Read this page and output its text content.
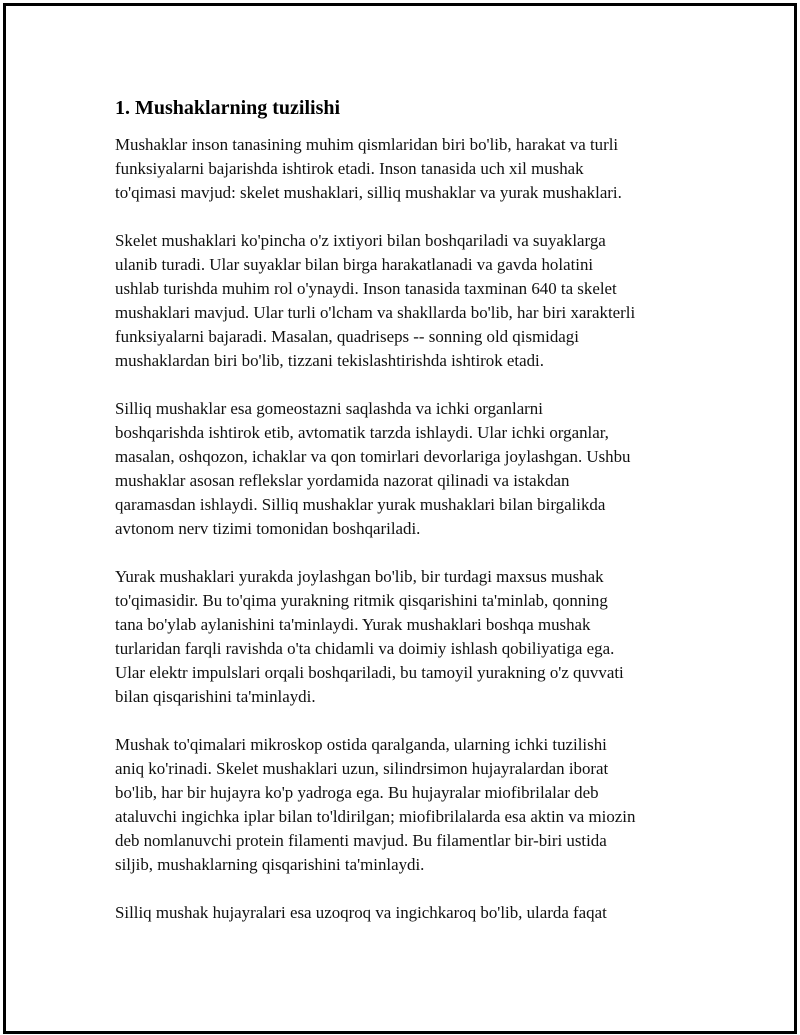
1. Mushaklarning tuzilishi

Mushaklar inson tanasining muhim qismlaridan biri bo'lib, harakat va turli
funksiyalarni bajarishda ishtirok etadi. Inson tanasida uch xil mushak
to'qimasi mavjud: skelet mushaklari, silliq mushaklar va yurak mushaklari.

Skelet mushaklari ko'pincha o'z ixtiyori bilan boshqariladi va suyaklarga
ulanib turadi. Ular suyaklar bilan birga harakatlanadi va gavda holatini
ushlab turishda muhim rol o'ynaydi. Inson tanasida taxminan 640 ta skelet
mushaklari mavjud. Ular turli o'lcham va shakllarda bo'lib, har biri xarakterli
funksiyalarni bajaradi. Masalan, quadriseps -- sonning old qismidagi
mushaklardan biri bo'lib, tizzani tekislashtirishda ishtirok etadi.

Silliq mushaklar esa gomeostazni saqlashda va ichki organlarni
boshqarishda ishtirok etib, avtomatik tarzda ishlaydi. Ular ichki organlar,
masalan, oshqozon, ichaklar va qon tomirlari devorlariga joylashgan. Ushbu
mushaklar asosan reflekslar yordamida nazorat qilinadi va istakdan
qaramasdan ishlaydi. Silliq mushaklar yurak mushaklari bilan birgalikda
avtonom nerv tizimi tomonidan boshqariladi.

Yurak mushaklari yurakda joylashgan bo'lib, bir turdagi maxsus mushak
to'qimasidir. Bu to'qima yurakning ritmik qisqarishini ta'minlab, qonning
tana bo'ylab aylanishini ta'minlaydi. Yurak mushaklari boshqa mushak
turlaridan farqli ravishda o'ta chidamli va doimiy ishlash qobiliyatiga ega.
Ular elektr impulslari orqali boshqariladi, bu tamoyil yurakning o'z quvvati
bilan qisqarishini ta'minlaydi.

Mushak to'qimalari mikroskop ostida qaralganda, ularning ichki tuzilishi
aniq ko'rinadi. Skelet mushaklari uzun, silindrsimon hujayralardan iborat
bo'lib, har bir hujayra ko'p yadroga ega. Bu hujayralar miofibrilalar deb
ataluvchi ingichka iplar bilan to'ldirilgan; miofibrilalarda esa aktin va miozin
deb nomlanuvchi protein filamenti mavjud. Bu filamentlar bir-biri ustida
siljib, mushaklarning qisqarishini ta'minlaydi.

Silliq mushak hujayralari esa uzoqroq va ingichkaroq bo'lib, ularda faqat
